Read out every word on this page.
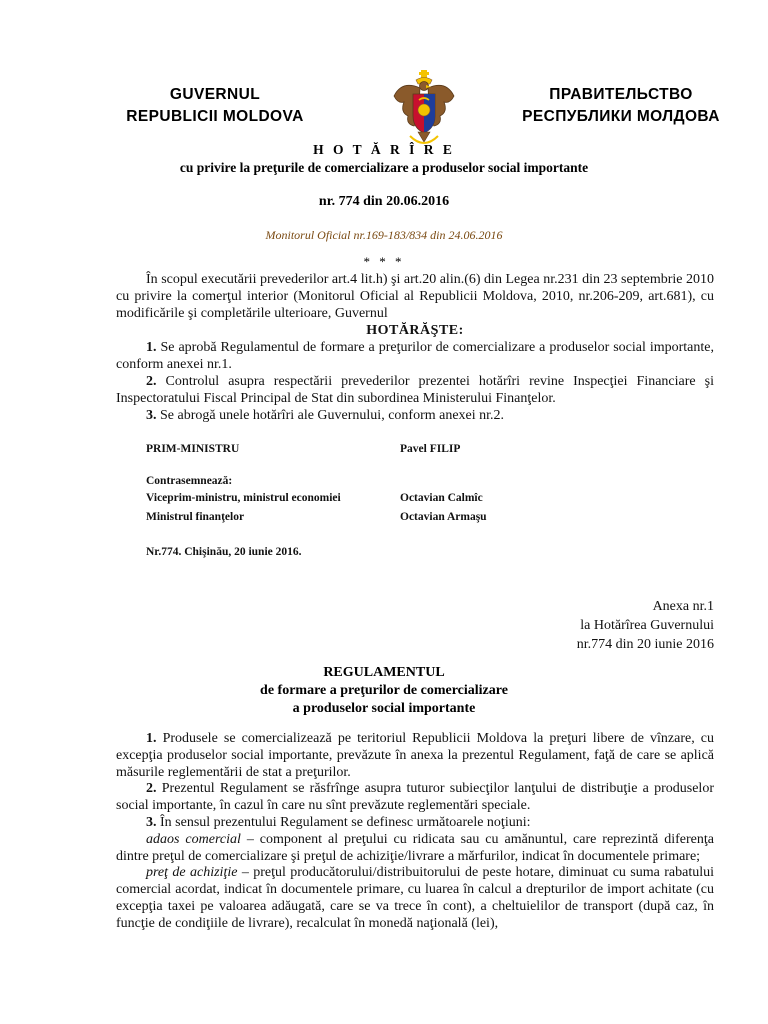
GUVERNUL
REPUBLICII MOLDOVA
ПРАВИТЕЛЬСТВО
РЕСПУБЛИКИ МОЛДОВА
H O T Ă R Î R E
cu privire la preţurile de comercializare a produselor social importante
nr. 774 din 20.06.2016
Monitorul Oficial nr.169-183/834 din 24.06.2016
* * *

În scopul executării prevederilor art.4 lit.h) şi art.20 alin.(6) din Legea nr.231 din 23 septembrie 2010 cu privire la comerţul interior (Monitorul Oficial al Republicii Moldova, 2010, nr.206-209, art.681), cu modificările şi completările ulterioare, Guvernul

HOTĂRĂŞTE:

1. Se aprobă Regulamentul de formare a preţurilor de comercializare a produselor social importante, conform anexei nr.1.

2. Controlul asupra respectării prevederilor prezentei hotărîri revine Inspecţiei Financiare şi Inspectoratului Fiscal Principal de Stat din subordinea Ministerului Finanţelor.

3. Se abrogă unele hotărîri ale Guvernului, conform anexei nr.2.

PRIM-MINISTRU	Pavel FILIP
Contrasemnează:
Viceprim-ministru, ministrul economiei	Octavian Calmîc
Ministrul finanţelor	Octavian Armaşu
Nr.774. Chişinău, 20 iunie 2016.
Anexa nr.1
la Hotărîrea Guvernului
nr.774 din 20 iunie 2016
REGULAMENTUL
de formare a preţurilor de comercializare
a produselor social importante

1. Produsele se comercializează pe teritoriul Republicii Moldova la preţuri libere de vînzare, cu excepţia produselor social importante, prevăzute în anexa la prezentul Regulament, faţă de care se aplică măsurile reglementării de stat a preţurilor.

2. Prezentul Regulament se răsfrînge asupra tuturor subiecţilor lanţului de distribuţie a produselor social importante, în cazul în care nu sînt prevăzute reglementări speciale.

3. În sensul prezentului Regulament se definesc următoarele noţiuni:

adaos comercial – component al preţului cu ridicata sau cu amănuntul, care reprezintă diferenţa dintre preţul de comercializare şi preţul de achiziţie/livrare a mărfurilor, indicat în documentele primare;

preţ de achiziţie – preţul producătorului/distribuitorului de peste hotare, diminuat cu suma rabatului comercial acordat, indicat în documentele primare, cu luarea în calcul a drepturilor de import achitate (cu excepţia taxei pe valoarea adăugată, care se va trece în cont), a cheltuielilor de transport (după caz, în funcţie de condiţiile de livrare), recalculat în monedă naţională (lei),
